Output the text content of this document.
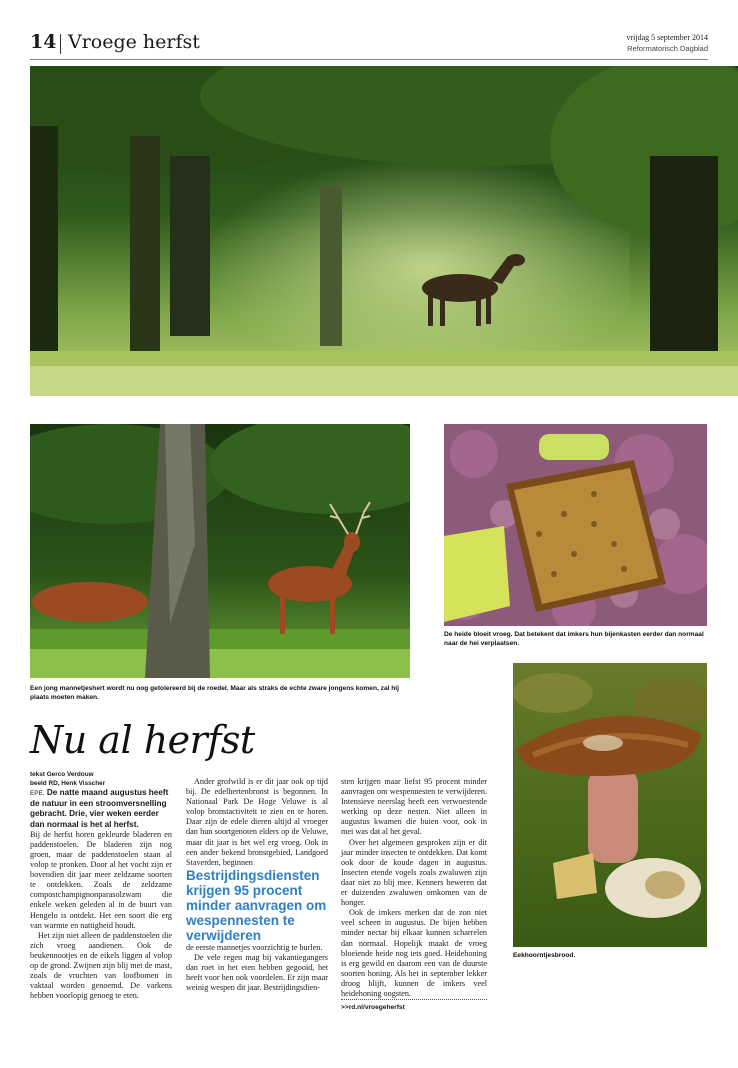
14 Vroege herfst	vrijdag 5 september 2014
Reformatorisch Dagblad
Een jong mannetjeshert wordt nu nog getolereerd bij de roedel. Maar als straks de echte zware jongens komen, zal hij plaats moeten maken.
De heide bloeit vroeg. Dat betekent dat imkers hun bijenkasten eerder dan normaal naar de hei verplaatsen.
Nu al herfst
Eekhoorntjesbrood.

tekst Gerco Verdouw

beeld RD, Henk Visscher

EPE. De natte maand augustus heeft de natuur in een stroomversnelling gebracht. Drie, vier weken eerder dan normaal is het al herfst.

Bij de herfst horen gekleurde bladeren en paddenstoelen. De bladeren zijn nog groen, maar de paddenstoelen staan al volop te pronken. Door al het vocht zijn er bovendien dit jaar meer zeldzame soorten te ontdekken. Zoals de zeldzame compostchampignonparasolzwam die enkele weken geleden al in de buurt van Hengelo is ontdekt. Het een soort die erg van warmte en nattigheid houdt.

Het zijn niet alleen de paddenstoelen die zich vroeg aandienen. Ook de beukennootjes en de eikels liggen al volop op de grond. Zwijnen zijn blij met de mast, zoals de vruchten van loofbomen in vaktaal worden genoemd. De varkens hebben voorlopig genoeg te eten.

Ander grofwild is er dit jaar ook op tijd bij. De edelhertenbronst is begonnen. In Nationaal Park De Hoge Veluwe is al volop bronstactiviteit te zien en te horen. Daar zijn de edele dieren altijd al vroeger dan hun soortgenoten elders op de Veluwe, maar dit jaar is het wel erg vroeg. Ook in een ander bekend bronstgebied, Landgoed Staverden, beginnen

Bestrijdingsdiensten krijgen 95 procent minder aanvragen om wespennesten te verwijderen

de eerste mannetjes voorzichtig te burlen.

De vele regen mag bij vakantiegangers dan roet in het eten hebben gegooid, het heeft voor hen ook voordelen. Er zijn maar weinig wespen dit jaar. Bestrijdingsdien-

sten krijgen maar liefst 95 procent minder aanvragen om wespennesten te verwijderen. Intensieve neerslag heeft een verwoestende werking op deze nesten. Niet alleen in augustus kwamen die buien voor, ook in mei was dat al het geval.

Over het algemeen gesproken zijn er dit jaar minder insecten te ontdekken. Dat komt ook door de koude dagen in augustus. Insecten etende vogels zoals zwaluwen zijn daar niet zo blij mee. Kenners beweren dat er duizenden zwaluwen omkomen van de honger.

Ook de imkers merken dat de zon niet veel scheen in augustus. De bijen hebben minder nectar bij elkaar kunnen scharrelen dan normaal. Hopelijk maakt de vroeg bloeiende heide nog iets goed. Heidehoning is erg gewild en daarom een van de duurste soorten honing. Als het in september lekker droog blijft, kunnen de imkers veel heidehoning oogsten.

>>rd.nl/vroegeherfst
